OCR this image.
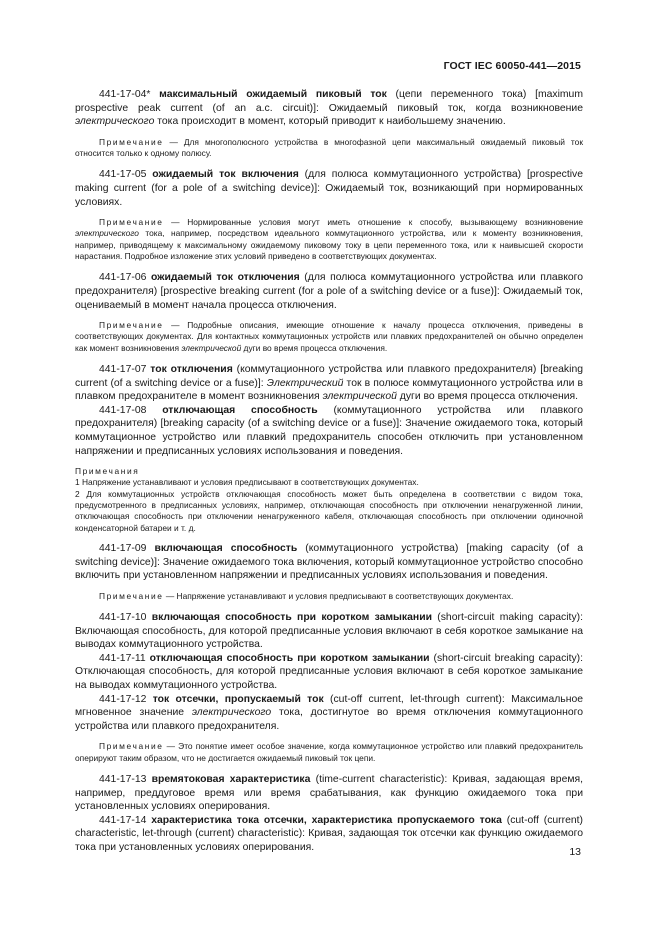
ГОСТ IEC 60050-441—2015

441-17-04* максимальный ожидаемый пиковый ток (цепи переменного тока) [maximum prospective peak current (of an a.c. circuit)]: Ожидаемый пиковый ток, когда возникновение электрического тока происходит в момент, который приводит к наибольшему значению.

Примечание — Для многополюсного устройства в многофазной цепи максимальный ожидаемый пиковый ток относится только к одному полюсу.

441-17-05 ожидаемый ток включения (для полюса коммутационного устройства) [prospective making current (for a pole of a switching device)]: Ожидаемый ток, возникающий при нормированных условиях.

Примечание — Нормированные условия могут иметь отношение к способу, вызывающему возникновение электрического тока, например, посредством идеального коммутационного устройства, или к моменту возникновения, например, приводящему к максимальному ожидаемому пиковому току в цепи переменного тока, или к наивысшей скорости нарастания. Подробное изложение этих условий приведено в соответствующих документах.

441-17-06 ожидаемый ток отключения (для полюса коммутационного устройства или плавкого предохранителя) [prospective breaking current (for a pole of a switching device or a fuse)]: Ожидаемый ток, оцениваемый в момент начала процесса отключения.

Примечание — Подробные описания, имеющие отношение к началу процесса отключения, приведены в соответствующих документах. Для контактных коммутационных устройств или плавких предохранителей он обычно определен как момент возникновения электрической дуги во время процесса отключения.

441-17-07 ток отключения (коммутационного устройства или плавкого предохранителя) [breaking current (of a switching device or a fuse)]: Электрический ток в полюсе коммутационного устройства или в плавком предохранителе в момент возникновения электрической дуги во время процесса отключения.

441-17-08 отключающая способность (коммутационного устройства или плавкого предохранителя) [breaking capacity (of a switching device or a fuse)]: Значение ожидаемого тока, который коммутационное устройство или плавкий предохранитель способен отключить при установленном напряжении и предписанных условиях использования и поведения.

Примечания

1 Напряжение устанавливают и условия предписывают в соответствующих документах.

2 Для коммутационных устройств отключающая способность может быть определена в соответствии с видом тока, предусмотренного в предписанных условиях, например, отключающая способность при отключении ненагруженной линии, отключающая способность при отключении ненагруженного кабеля, отключающая способность при отключении одиночной конденсаторной батареи и т. д.

441-17-09 включающая способность (коммутационного устройства) [making capacity (of a switching device)]: Значение ожидаемого тока включения, который коммутационное устройство способно включить при установленном напряжении и предписанных условиях использования и поведения.

Примечание — Напряжение устанавливают и условия предписывают в соответствующих документах.

441-17-10 включающая способность при коротком замыкании (short-circuit making capacity): Включающая способность, для которой предписанные условия включают в себя короткое замыкание на выводах коммутационного устройства.

441-17-11 отключающая способность при коротком замыкании (short-circuit breaking capacity): Отключающая способность, для которой предписанные условия включают в себя короткое замыкание на выводах коммутационного устройства.

441-17-12 ток отсечки, пропускаемый ток (cut-off current, let-through current): Максимальное мгновенное значение электрического тока, достигнутое во время отключения коммутационного устройства или плавкого предохранителя.

Примечание — Это понятие имеет особое значение, когда коммутационное устройство или плавкий предохранитель оперируют таким образом, что не достигается ожидаемый пиковый ток цепи.

441-17-13 времятоковая характеристика (time-current characteristic): Кривая, задающая время, например, преддуговое время или время срабатывания, как функцию ожидаемого тока при установленных условиях оперирования.

441-17-14 характеристика тока отсечки, характеристика пропускаемого тока (cut-off (current) characteristic, let-through (current) characteristic): Кривая, задающая ток отсечки как функцию ожидаемого тока при установленных условиях оперирования.	13
